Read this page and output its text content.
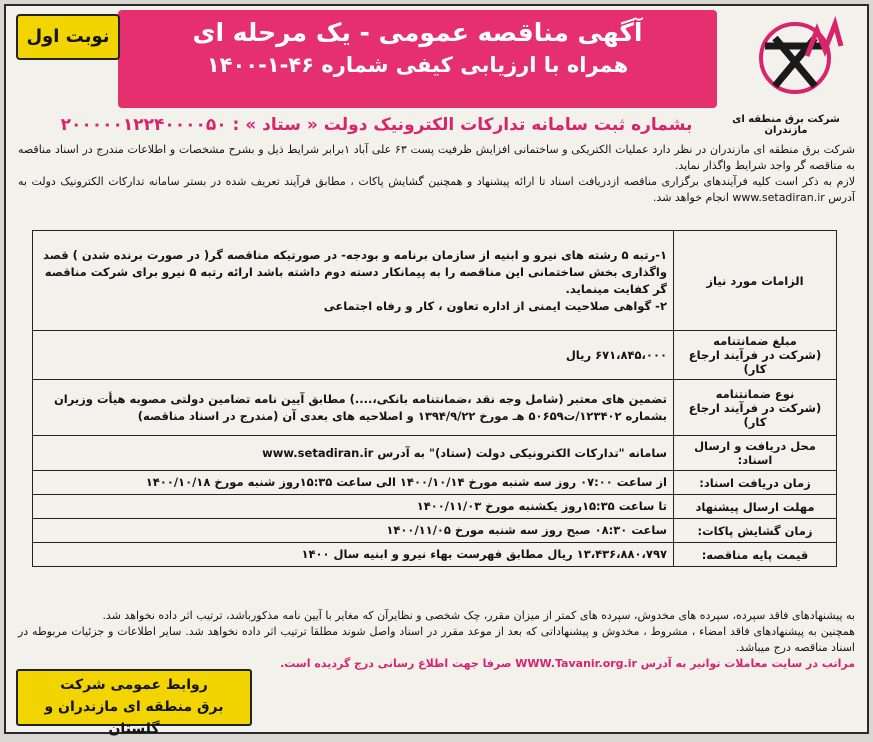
آگهی مناقصه عمومی - یک مرحله ای
همراه با ارزیابی کیفی شماره ۴۶-۱-۱۴۰۰
نوبت اول
شرکت برق منطقه ای مازندران
بشماره ثبت سامانه تدارکات الکترونیک دولت « ستاد » : ۲۰۰۰۰۰۱۲۲۴۰۰۰۰۵۰
شرکت برق منطقه ای مازندران در نظر دارد عملیات الکتریکی و ساختمانی افزایش ظرفیت پست ۶۳ علی آباد ۱برابر شرایط ذیل و بشرح مشخصات و اطلاعات مندرج در اسناد مناقصه به مناقصه گر واجد شرایط واگذار نماید.
لازم به ذکر است کلیه فرآیندهای برگزاری مناقصه ازدریافت اسناد تا ارائه پیشنهاد و همچنین گشایش پاکات ، مطابق فرآیند تعریف شده در بستر سامانه تدارکات الکترونیک دولت به آدرس www.setadiran.ir انجام خواهد شد.
الزامات مورد نیاز	۱-رتبه ۵ رشته های نیرو و ابنیه از سازمان برنامه و بودجه- در صورتیکه مناقصه گر( در صورت برنده شدن ) قصد واگذاری بخش ساختمانی این مناقصه را به پیمانکار دسته دوم داشته باشد ارائه رتبه ۵ نیرو برای شرکت مناقصه گر کفایت مینماید.
۲- گواهی صلاحیت ایمنی از اداره تعاون ، کار و رفاه اجتماعی

مبلغ ضمانتنامه
(شرکت در فرآیند ارجاع کار)	۶۷۱،۸۴۵،۰۰۰ ریال

نوع ضمانتنامه
(شرکت در فرآیند ارجاع کار)	تضمین های معتبر (شامل وجه نقد ،ضمانتنامه بانکی،....) مطابق آیین نامه تضامین دولتی مصوبه هیأت وزیران بشماره ۱۲۳۴۰۲/ت۵۰۶۵۹ هـ مورخ ۱۳۹۴/۹/۲۲ و اصلاحیه های بعدی آن (مندرج در اسناد مناقصه)
محل دریافت و ارسال اسناد:	سامانه "تدارکات الکترونیکی دولت (ستاد)" به آدرس www.setadiran.ir
زمان دریافت اسناد:	از ساعت ۰۷:۰۰ روز سه شنبه مورخ ۱۴۰۰/۱۰/۱۴ الی ساعت ۱۵:۳۵روز شنبه مورخ ۱۴۰۰/۱۰/۱۸
مهلت ارسال پیشنهاد	تا ساعت ۱۵:۳۵روز یکشنبه مورخ ۱۴۰۰/۱۱/۰۳
زمان گشایش پاکات:	ساعت ۰۸:۳۰ صبح روز سه شنبه مورخ ۱۴۰۰/۱۱/۰۵
قیمت پایه مناقصه:	۱۳،۴۳۶،۸۸۰،۷۹۷ ریال مطابق فهرست بهاء نیرو و ابنیه سال ۱۴۰۰
به پیشنهادهای فاقد سپرده، سپرده های مخدوش، سپرده های کمتر از میزان مقرر، چک شخصی و نظایرآن که مغایر با آیین نامه مذکورباشد، ترتیب اثر داده نخواهد شد.
همچنین به پیشنهادهای فاقد امضاء ، مشروط ، مخدوش و پیشنهاداتی که بعد از موعد مقرر در اسناد واصل شوند مطلقا ترتیب اثر داده نخواهد شد. سایر اطلاعات و جزئیات مربوطه در اسناد مناقصه درج میباشد.
مراتب در سایت معاملات توانیر به آدرس WWW.Tavanir.org.ir صرفا جهت اطلاع رسانی درج گردیده است.
روابط عمومی شرکت
برق منطقه ای مازندران و گلستان
